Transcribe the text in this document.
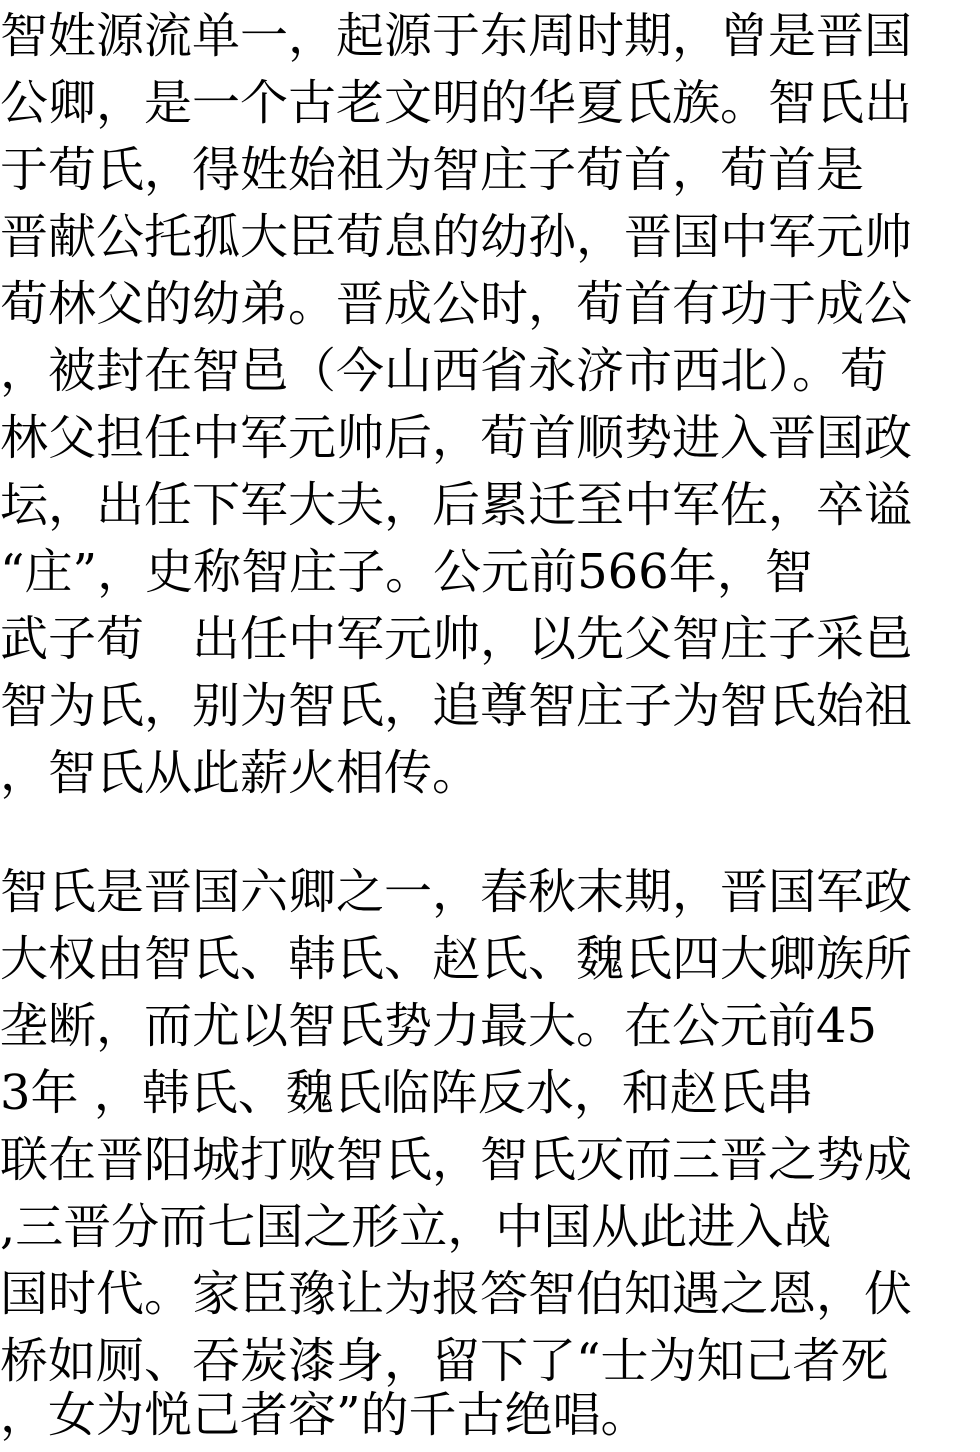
智姓源流单一，起源于东周时期，曾是晋国
公卿，是一个古老文明的华夏氏族。智氏出
于荀氏，得姓始祖为智庄子荀首，荀首是
晋献公托孤大臣荀息的幼孙，晋国中军元帅
荀林父的幼弟。晋成公时，荀首有功于成公
，被封在智邑（今山西省永济市西北）。荀
林父担任中军元帅后，荀首顺势进入晋国政
坛，出任下军大夫，后累迁至中军佐，卒谥
“庄”，史称智庄子。公元前566年，智
武子荀　出任中军元帅，以先父智庄子采邑
智为氏，别为智氏，追尊智庄子为智氏始祖
，智氏从此薪火相传。
智氏是晋国六卿之一，春秋末期，晋国军政
大权由智氏、韩氏、赵氏、魏氏四大卿族所
垄断，而尤以智氏势力最大。在公元前45
3年 ，韩氏、魏氏临阵反水，和赵氏串
联在晋阳城打败智氏，智氏灭而三晋之势成
,三晋分而七国之形立，中国从此进入战
国时代。家臣豫让为报答智伯知遇之恩，伏
桥如厕、吞炭漆身，留下了“士为知己者死
，女为悦己者容”的千古绝唱。
